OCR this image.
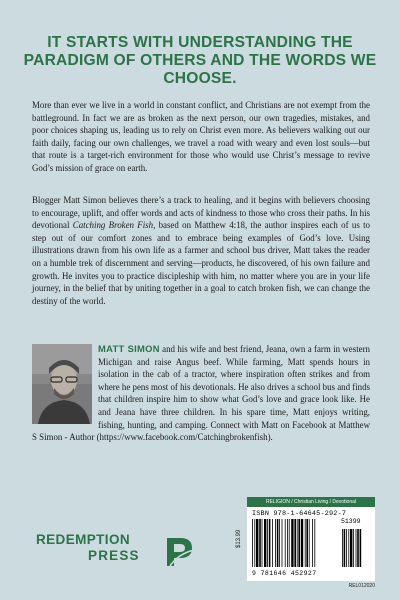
IT STARTS WITH UNDERSTANDING THE PARADIGM OF OTHERS AND THE WORDS WE CHOOSE.

More than ever we live in a world in constant conflict, and Christians are not exempt from the battleground. In fact we are as broken as the next person, our own tragedies, mistakes, and poor choices shaping us, leading us to rely on Christ even more. As believers walking out our faith daily, facing our own challenges, we travel a road with weary and even lost souls—but that route is a target-rich environment for those who would use Christ’s message to revive God’s mission of grace on earth.

Blogger Matt Simon believes there’s a track to healing, and it begins with believers choosing to encourage, uplift, and offer words and acts of kindness to those who cross their paths. In his devotional Catching Broken Fish, based on Matthew 4:18, the author inspires each of us to step out of our comfort zones and to embrace being examples of God’s love. Using illustrations drawn from his own life as a farmer and school bus driver, Matt takes the reader on a humble trek of discernment and serving—products, he discovered, of his own failure and growth. He invites you to practice discipleship with him, no matter where you are in your life journey, in the belief that by uniting together in a goal to catch broken fish, we can change the destiny of the world.

MATT SIMON and his wife and best friend, Jeana, own a farm in western Michigan and raise Angus beef. While farming, Matt spends hours in isolation in the cab of a tractor, where inspiration often strikes and from where he pens most of his devotionals. He also drives a school bus and finds that children inspire him to show what God’s love and grace look like. He and Jeana have three children. In his spare time, Matt enjoys writing, fishing, hunting, and camping. Connect with Matt on Facebook at Matthew S Simon - Author (https://www.facebook.com/Catchingbrokenfish).

REDEMPTION
PRESS
$13.99
RELIGION / Christian Living / Devotional
ISBN 978-1-64645-292-7
51399
9 781646 452927
REL012020
